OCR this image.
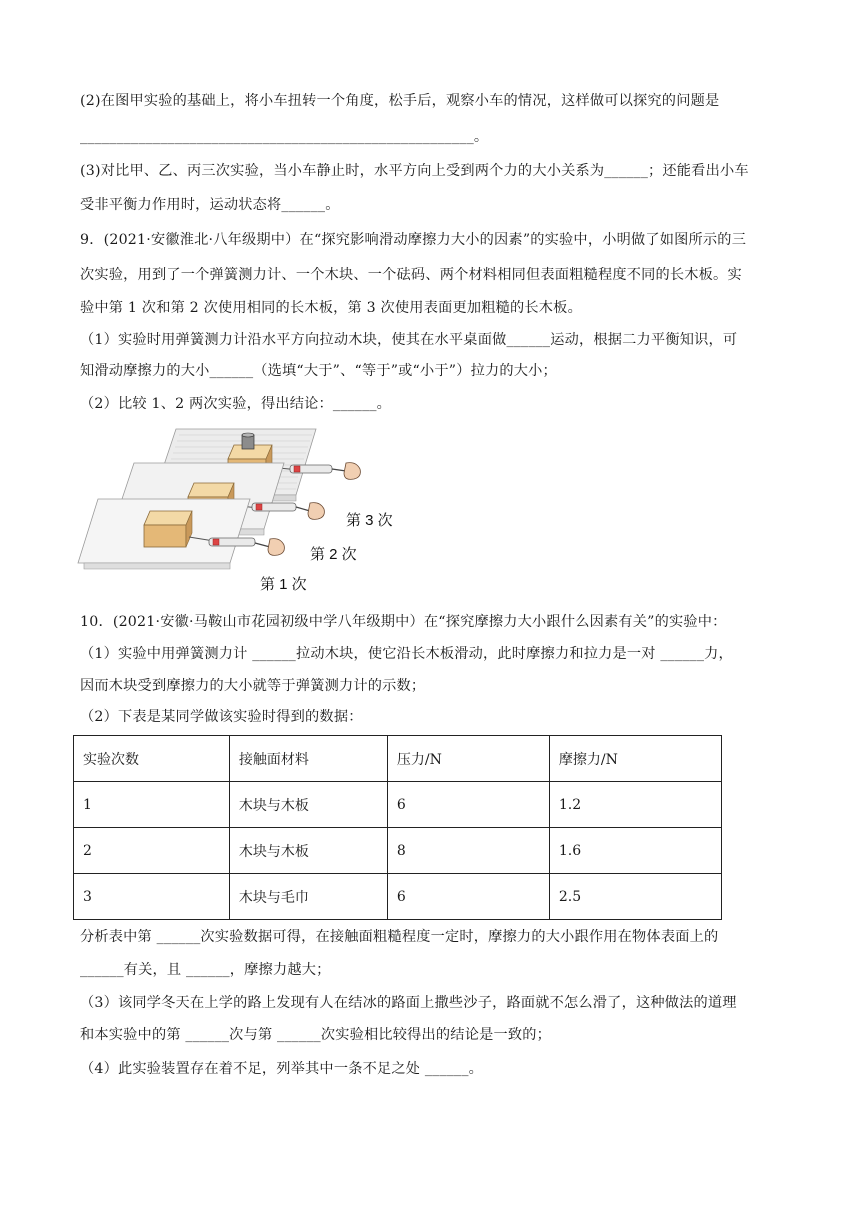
(2)在图甲实验的基础上，将小车扭转一个角度，松手后，观察小车的情况，这样做可以探究的问题是
______________________________________________________。
(3)对比甲、乙、丙三次实验，当小车静止时，水平方向上受到两个力的大小关系为______；还能看出小车
受非平衡力作用时，运动状态将______。
9．(2021·安徽淮北·八年级期中）在“探究影响滑动摩擦力大小的因素”的实验中，小明做了如图所示的三
次实验，用到了一个弹簧测力计、一个木块、一个砝码、两个材料相同但表面粗糙程度不同的长木板。实
验中第 1 次和第 2 次使用相同的长木板，第 3 次使用表面更加粗糙的长木板。
（1）实验时用弹簧测力计沿水平方向拉动木块，使其在水平桌面做______运动，根据二力平衡知识，可
知滑动摩擦力的大小______（选填“大于”、“等于”或“小于”）拉力的大小；
（2）比较 1、2 两次实验，得出结论：______。
第 3 次
第 2 次
第 1 次
10．(2021·安徽·马鞍山市花园初级中学八年级期中）在“探究摩擦力大小跟什么因素有关”的实验中：
（1）实验中用弹簧测力计 ______拉动木块，使它沿长木板滑动，此时摩擦力和拉力是一对 ______力，
因而木块受到摩擦力的大小就等于弹簧测力计的示数；
（2）下表是某同学做该实验时得到的数据：
实验次数	接触面材料	压力/N	摩擦力/N
1	木块与木板	6	1.2
2	木块与木板	8	1.6
3	木块与毛巾	6	2.5
分析表中第 ______次实验数据可得，在接触面粗糙程度一定时，摩擦力的大小跟作用在物体表面上的
______有关，且 ______，摩擦力越大；
（3）该同学冬天在上学的路上发现有人在结冰的路面上撒些沙子，路面就不怎么滑了，这种做法的道理
和本实验中的第 ______次与第 ______次实验相比较得出的结论是一致的；
（4）此实验装置存在着不足，列举其中一条不足之处 ______。
